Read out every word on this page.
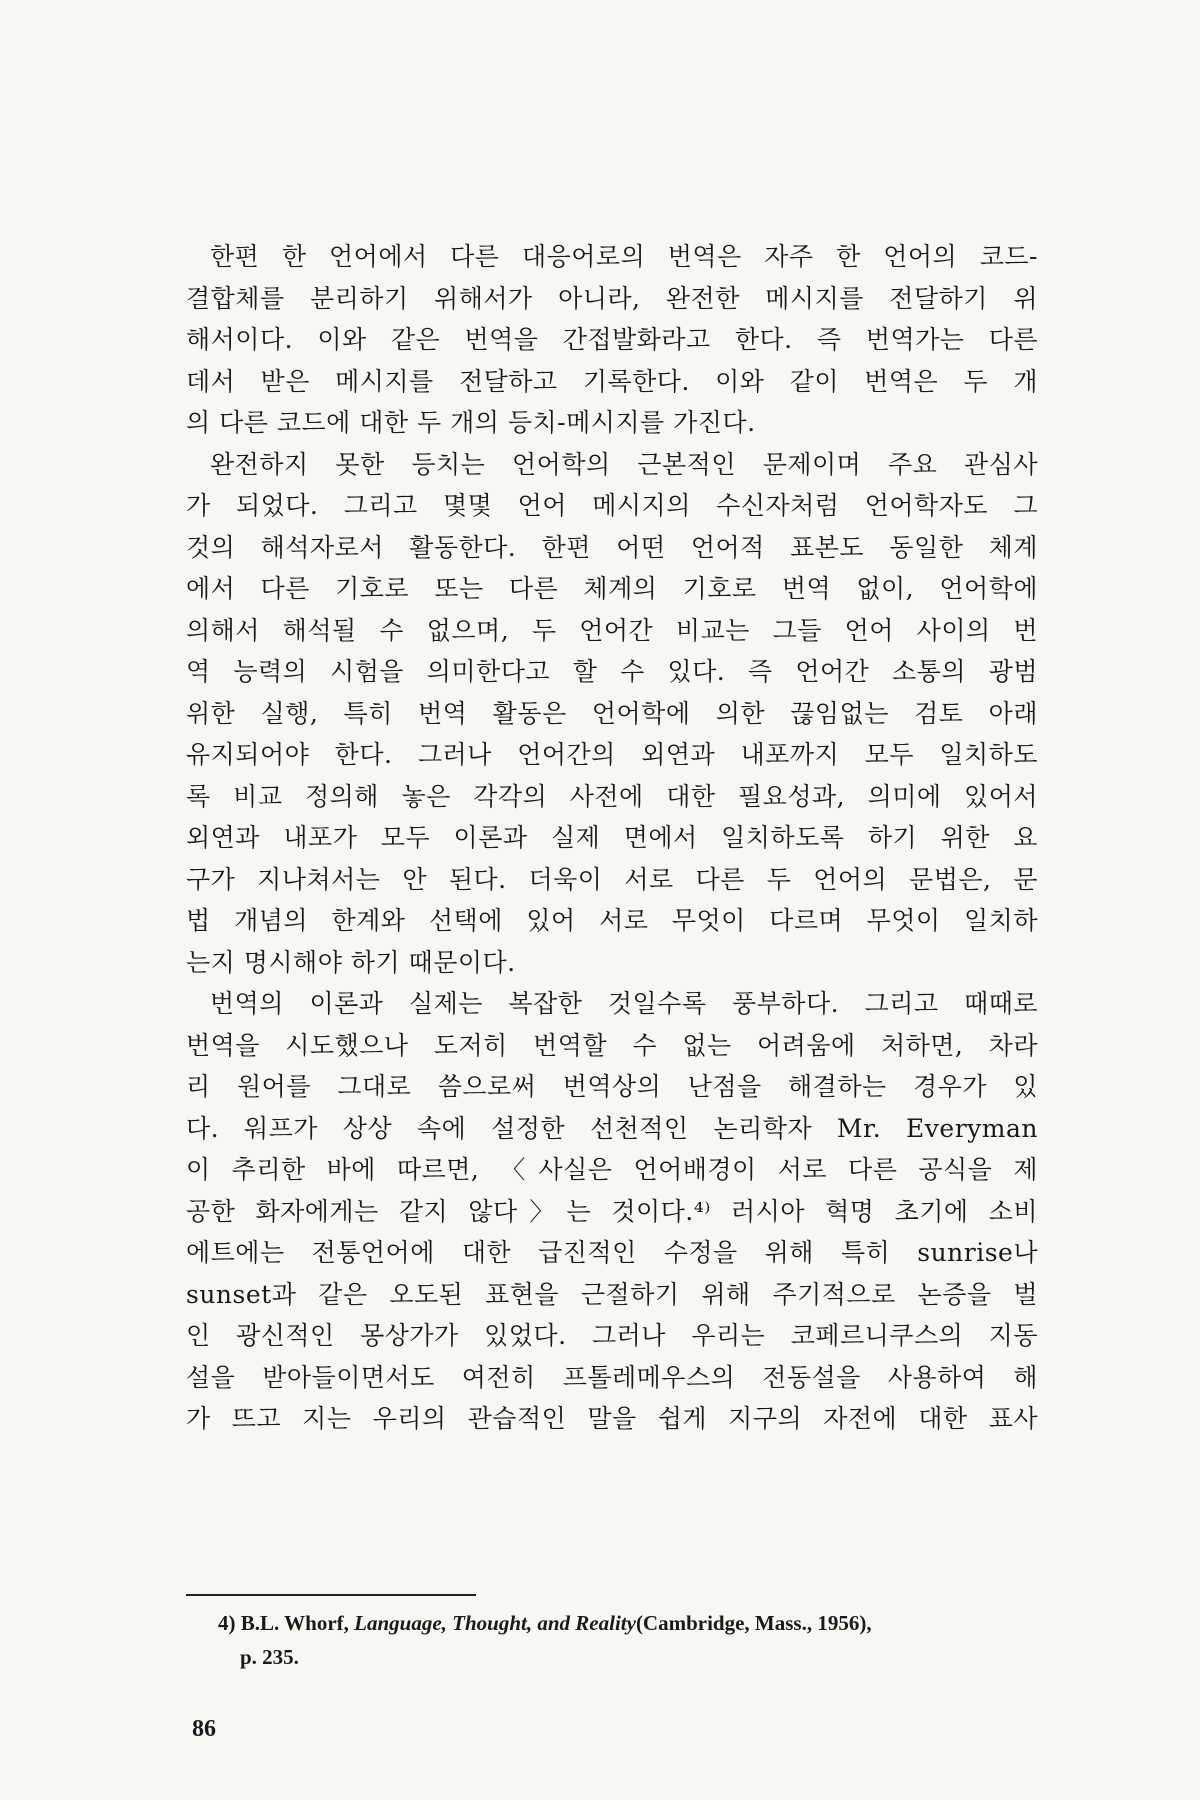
한편 한 언어에서 다른 대응어로의 번역은 자주 한 언어의 코드-
결합체를 분리하기 위해서가 아니라, 완전한 메시지를 전달하기 위
해서이다. 이와 같은 번역을 간접발화라고 한다. 즉 번역가는 다른
데서 받은 메시지를 전달하고 기록한다. 이와 같이 번역은 두 개
의 다른 코드에 대한 두 개의 등치-메시지를 가진다.
완전하지 못한 등치는 언어학의 근본적인 문제이며 주요 관심사
가 되었다. 그리고 몇몇 언어 메시지의 수신자처럼 언어학자도 그
것의 해석자로서 활동한다. 한편 어떤 언어적 표본도 동일한 체계
에서 다른 기호로 또는 다른 체계의 기호로 번역 없이, 언어학에
의해서 해석될 수 없으며, 두 언어간 비교는 그들 언어 사이의 번
역 능력의 시험을 의미한다고 할 수 있다. 즉 언어간 소통의 광범
위한 실행, 특히 번역 활동은 언어학에 의한 끊임없는 검토 아래
유지되어야 한다. 그러나 언어간의 외연과 내포까지 모두 일치하도
록 비교 정의해 놓은 각각의 사전에 대한 필요성과, 의미에 있어서
외연과 내포가 모두 이론과 실제 면에서 일치하도록 하기 위한 요
구가 지나쳐서는 안 된다. 더욱이 서로 다른 두 언어의 문법은, 문
법 개념의 한계와 선택에 있어 서로 무엇이 다르며 무엇이 일치하
는지 명시해야 하기 때문이다.
번역의 이론과 실제는 복잡한 것일수록 풍부하다. 그리고 때때로
번역을 시도했으나 도저히 번역할 수 없는 어려움에 처하면, 차라
리 원어를 그대로 씀으로써 번역상의 난점을 해결하는 경우가 있
다. 워프가 상상 속에 설정한 선천적인 논리학자 Mr. Everyman
이 추리한 바에 따르면, 〈사실은 언어배경이 서로 다른 공식을 제
공한 화자에게는 같지 않다〉는 것이다.⁴⁾ 러시아 혁명 초기에 소비
에트에는 전통언어에 대한 급진적인 수정을 위해 특히 sunrise나
sunset과 같은 오도된 표현을 근절하기 위해 주기적으로 논증을 벌
인 광신적인 몽상가가 있었다. 그러나 우리는 코페르니쿠스의 지동
설을 받아들이면서도 여전히 프톨레메우스의 전동설을 사용하여 해
가 뜨고 지는 우리의 관습적인 말을 쉽게 지구의 자전에 대한 표사
4) B.L. Whorf, Language, Thought, and Reality(Cambridge, Mass., 1956),
p. 235.
86
